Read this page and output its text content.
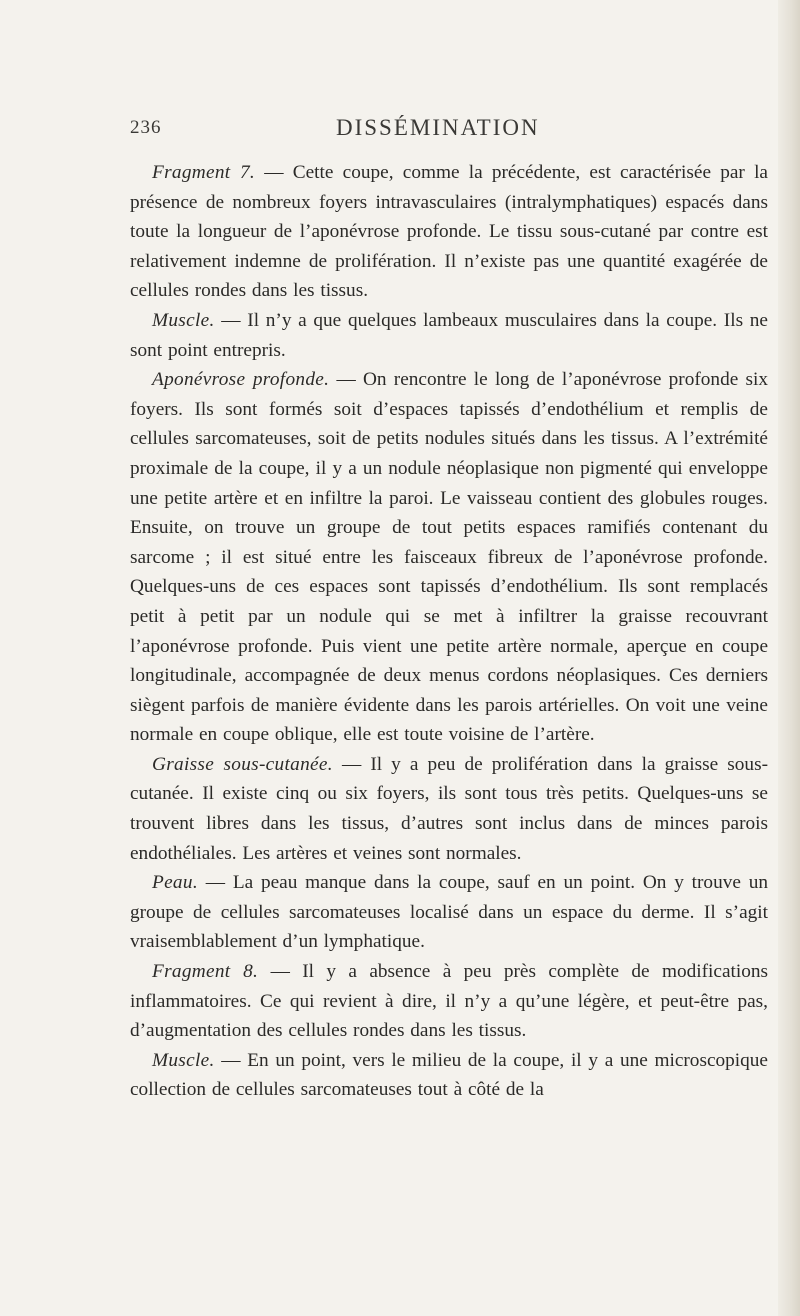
236	DISSÉMINATION

Fragment 7. — Cette coupe, comme la précédente, est caractérisée par la présence de nombreux foyers intravasculaires (intralymphatiques) espacés dans toute la longueur de l’aponévrose profonde. Le tissu sous-cutané par contre est relativement indemne de prolifération. Il n’existe pas une quantité exagérée de cellules rondes dans les tissus.

Muscle. — Il n’y a que quelques lambeaux musculaires dans la coupe. Ils ne sont point entrepris.

Aponévrose profonde. — On rencontre le long de l’aponévrose profonde six foyers. Ils sont formés soit d’espaces tapissés d’endothélium et remplis de cellules sarcomateuses, soit de petits nodules situés dans les tissus. A l’extrémité proximale de la coupe, il y a un nodule néoplasique non pigmenté qui enveloppe une petite artère et en infiltre la paroi. Le vaisseau contient des globules rouges. Ensuite, on trouve un groupe de tout petits espaces ramifiés contenant du sarcome ; il est situé entre les faisceaux fibreux de l’aponévrose profonde. Quelques-uns de ces espaces sont tapissés d’endothélium. Ils sont remplacés petit à petit par un nodule qui se met à infiltrer la graisse recouvrant l’aponévrose profonde. Puis vient une petite artère normale, aperçue en coupe longitudinale, accompagnée de deux menus cordons néoplasiques. Ces derniers siègent parfois de manière évidente dans les parois artérielles. On voit une veine normale en coupe oblique, elle est toute voisine de l’artère.

Graisse sous-cutanée. — Il y a peu de prolifération dans la graisse sous-cutanée. Il existe cinq ou six foyers, ils sont tous très petits. Quelques-uns se trouvent libres dans les tissus, d’autres sont inclus dans de minces parois endothéliales. Les artères et veines sont normales.

Peau. — La peau manque dans la coupe, sauf en un point. On y trouve un groupe de cellules sarcomateuses localisé dans un espace du derme. Il s’agit vraisemblablement d’un lymphatique.

Fragment 8. — Il y a absence à peu près complète de modifications inflammatoires. Ce qui revient à dire, il n’y a qu’une légère, et peut-être pas, d’augmentation des cellules rondes dans les tissus.

Muscle. — En un point, vers le milieu de la coupe, il y a une microscopique collection de cellules sarcomateuses tout à côté de la
